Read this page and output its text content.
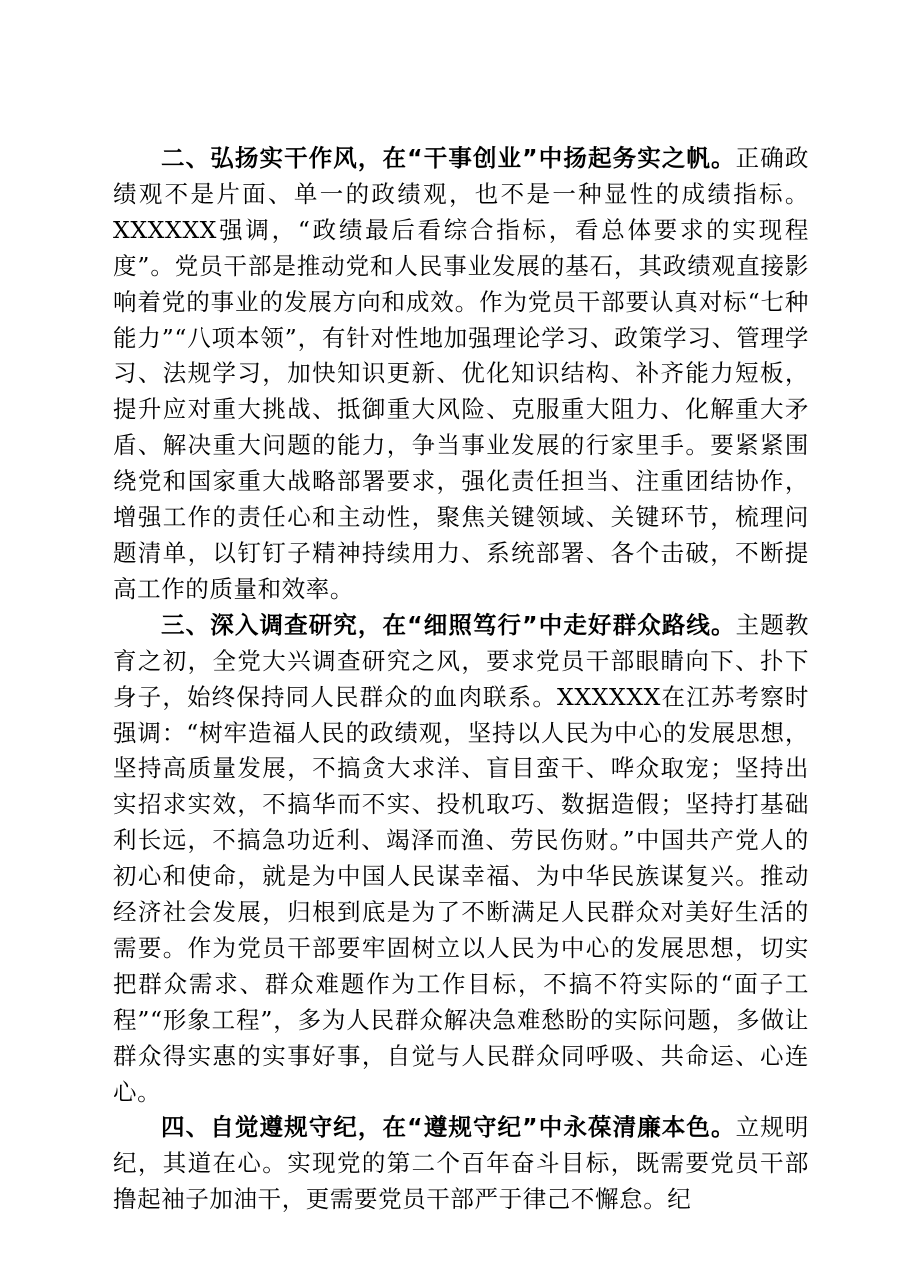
二、弘扬实干作风，在“干事创业”中扬起务实之帆。正确政绩观不是片面、单一的政绩观，也不是一种显性的成绩指标。XXXXXX强调，“政绩最后看综合指标，看总体要求的实现程度”。党员干部是推动党和人民事业发展的基石，其政绩观直接影响着党的事业的发展方向和成效。作为党员干部要认真对标“七种能力”“八项本领”，有针对性地加强理论学习、政策学习、管理学习、法规学习，加快知识更新、优化知识结构、补齐能力短板，提升应对重大挑战、抵御重大风险、克服重大阻力、化解重大矛盾、解决重大问题的能力，争当事业发展的行家里手。要紧紧围绕党和国家重大战略部署要求，强化责任担当、注重团结协作，增强工作的责任心和主动性，聚焦关键领域、关键环节，梳理问题清单，以钉钉子精神持续用力、系统部署、各个击破，不断提高工作的质量和效率。

三、深入调查研究，在“细照笃行”中走好群众路线。主题教育之初，全党大兴调查研究之风，要求党员干部眼睛向下、扑下身子，始终保持同人民群众的血肉联系。XXXXXX在江苏考察时强调：“树牢造福人民的政绩观，坚持以人民为中心的发展思想，坚持高质量发展，不搞贪大求洋、盲目蛮干、哗众取宠；坚持出实招求实效，不搞华而不实、投机取巧、数据造假；坚持打基础利长远，不搞急功近利、竭泽而渔、劳民伤财。”中国共产党人的初心和使命，就是为中国人民谋幸福、为中华民族谋复兴。推动经济社会发展，归根到底是为了不断满足人民群众对美好生活的需要。作为党员干部要牢固树立以人民为中心的发展思想，切实把群众需求、群众难题作为工作目标，不搞不符实际的“面子工程”“形象工程”，多为人民群众解决急难愁盼的实际问题，多做让群众得实惠的实事好事，自觉与人民群众同呼吸、共命运、心连心。

四、自觉遵规守纪，在“遵规守纪”中永葆清廉本色。立规明纪，其道在心。实现党的第二个百年奋斗目标，既需要党员干部撸起袖子加油干，更需要党员干部严于律己不懈怠。纪
